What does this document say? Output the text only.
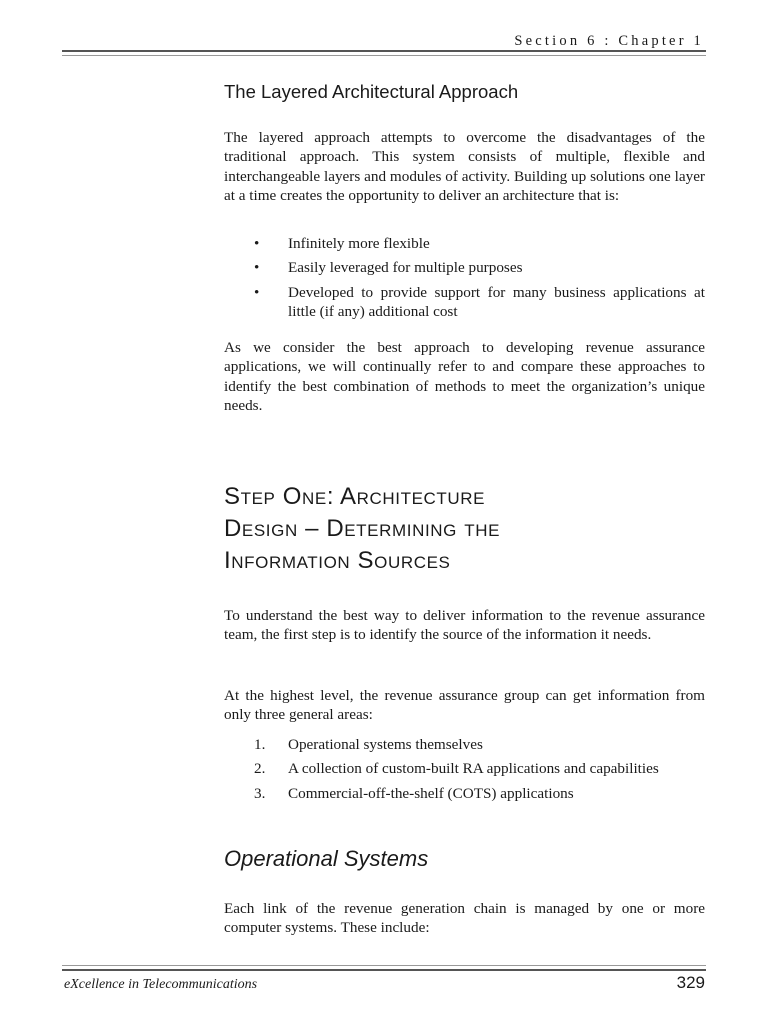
Section 6 : Chapter 1
The Layered Architectural Approach

The layered approach attempts to overcome the disadvantages of the traditional approach. This system consists of multiple, flexible and interchangeable layers and modules of activity. Building up solutions one layer at a time creates the opportunity to deliver an architecture that is:

• Infinitely more flexible
• Easily leveraged for multiple purposes
• Developed to provide support for many business applications at little (if any) additional cost

As we consider the best approach to developing revenue assurance applications, we will continually refer to and compare these approaches to identify the best combination of methods to meet the organization’s unique needs.

Step One: Architecture
Design – Determining the
Information Sources

To understand the best way to deliver information to the revenue assurance team, the first step is to identify the source of the information it needs.

At the highest level, the revenue assurance group can get information from only three general areas:

1. Operational systems themselves
2. A collection of custom-built RA applications and capabilities
3. Commercial-off-the-shelf (COTS) applications
Operational Systems

Each link of the revenue generation chain is managed by one or more computer systems. These include:

eXcellence in Telecommunications	329
